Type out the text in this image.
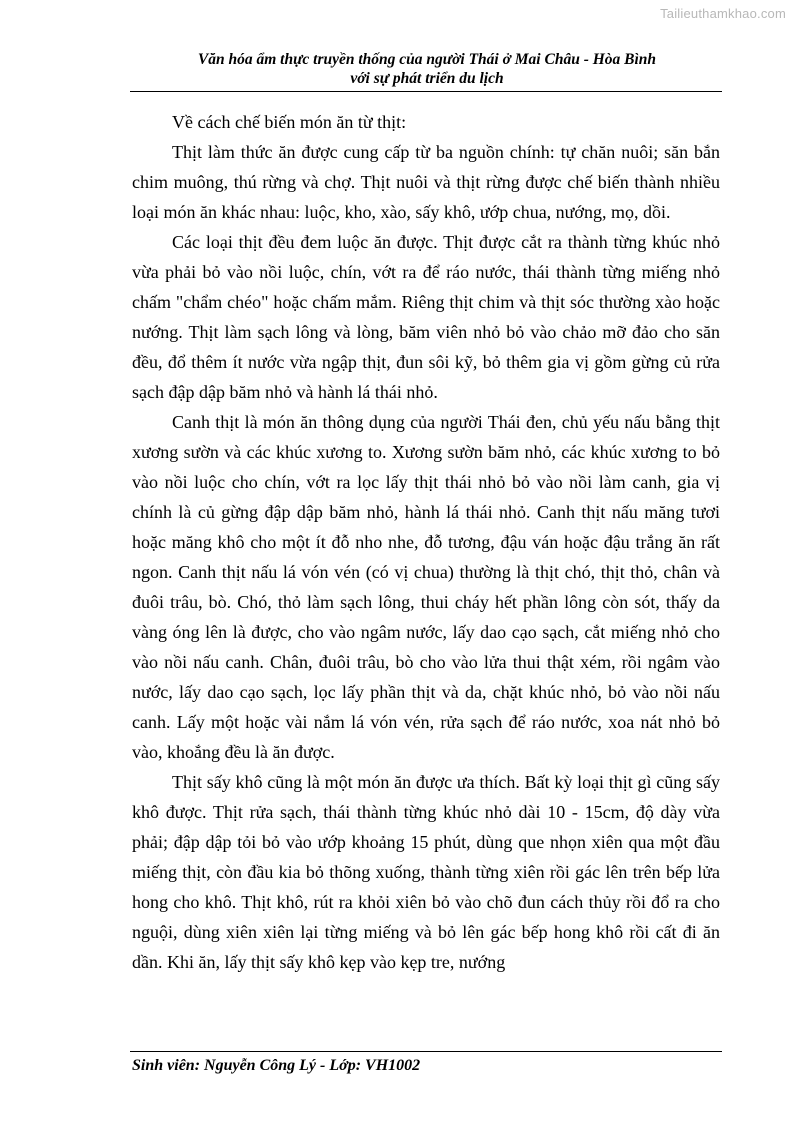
Tailieuthamkhao.com
Văn hóa ẩm thực truyền thống của người Thái ở Mai Châu - Hòa Bình
với sự phát triển du lịch

Về cách chế biến món ăn từ thịt:

Thịt làm thức ăn được cung cấp từ ba nguồn chính: tự chăn nuôi; săn bắn chim muông, thú rừng và chợ. Thịt nuôi và thịt rừng được chế biến thành nhiều loại món ăn khác nhau: luộc, kho, xào, sấy khô, ướp chua, nướng, mọ, dồi.

Các loại thịt đều đem luộc ăn được. Thịt được cắt ra thành từng khúc nhỏ vừa phải bỏ vào nồi luộc, chín, vớt ra để ráo nước, thái thành từng miếng nhỏ chấm "chẩm chéo" hoặc chấm mắm. Riêng thịt chim và thịt sóc thường xào hoặc nướng. Thịt làm sạch lông và lòng, băm viên nhỏ bỏ vào chảo mỡ đảo cho săn đều, đổ thêm ít nước vừa ngập thịt, đun sôi kỹ, bỏ thêm gia vị gồm gừng củ rửa sạch đập dập băm nhỏ và hành lá thái nhỏ.

Canh thịt là món ăn thông dụng của người Thái đen, chủ yếu nấu bằng thịt xương sườn và các khúc xương to. Xương sườn băm nhỏ, các khúc xương to bỏ vào nồi luộc cho chín, vớt ra lọc lấy thịt thái nhỏ bỏ vào nồi làm canh, gia vị chính là củ gừng đập dập băm nhỏ, hành lá thái nhỏ. Canh thịt nấu măng tươi hoặc măng khô cho một ít đỗ nho nhe, đỗ tương, đậu ván hoặc đậu trắng ăn rất ngon. Canh thịt nấu lá vón vén (có vị chua) thường là thịt chó, thịt thỏ, chân và đuôi trâu, bò. Chó, thỏ làm sạch lông, thui cháy hết phần lông còn sót, thấy da vàng óng lên là được, cho vào ngâm nước, lấy dao cạo sạch, cắt miếng nhỏ cho vào nồi nấu canh. Chân, đuôi trâu, bò cho vào lửa thui thật xém, rồi ngâm vào nước, lấy dao cạo sạch, lọc lấy phần thịt và da, chặt khúc nhỏ, bỏ vào nồi nấu canh. Lấy một hoặc vài nắm lá vón vén, rửa sạch để ráo nước, xoa nát nhỏ bỏ vào, khoắng đều là ăn được.

Thịt sấy khô cũng là một món ăn được ưa thích. Bất kỳ loại thịt gì cũng sấy khô được. Thịt rửa sạch, thái thành từng khúc nhỏ dài 10 - 15cm, độ dày vừa phải; đập dập tỏi bỏ vào ướp khoảng 15 phút, dùng que nhọn xiên qua một đầu miếng thịt, còn đầu kia bỏ thõng xuống, thành từng xiên rồi gác lên trên bếp lửa hong cho khô. Thịt khô, rút ra khỏi xiên bỏ vào chõ đun cách thủy rồi đổ ra cho nguội, dùng xiên xiên lại từng miếng và bỏ lên gác bếp hong khô rồi cất đi ăn dần. Khi ăn, lấy thịt sấy khô kẹp vào kẹp tre, nướng

Sinh viên: Nguyễn Công Lý - Lớp: VH1002
